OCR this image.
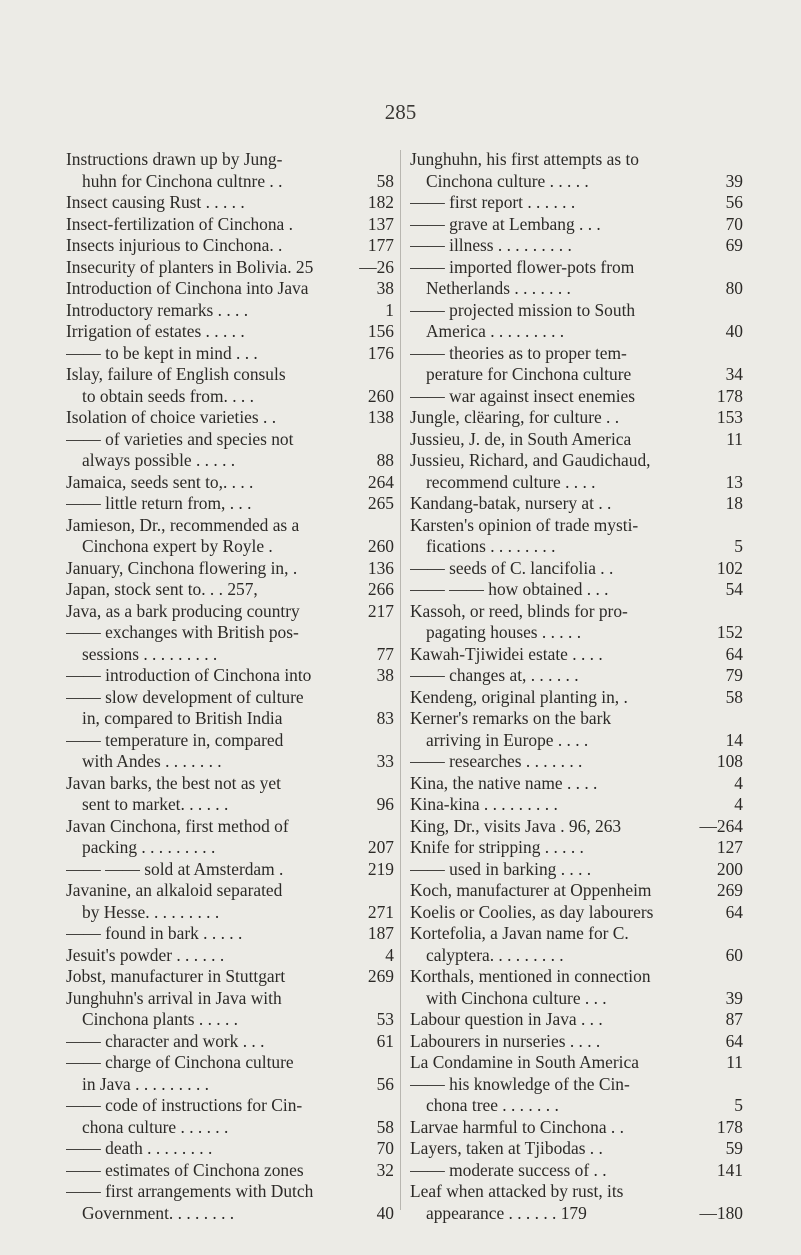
285
Instructions drawn up by Jung-
huhn for Cinchona cultnre . .	58
Insect causing Rust . . . . .	182
Insect-fertilization of Cinchona .	137
Insects injurious to Cinchona. .	177
Insecurity of planters in Bolivia. 25	—26
Introduction of Cinchona into Java	38
Introductory remarks . . . .	1
Irrigation of estates . . . . .	156
—— to be kept in mind . . .	176
Islay, failure of English consuls
to obtain seeds from. . . .	260
Isolation of choice varieties . .	138
—— of varieties and species not
always possible . . . . .	88
Jamaica, seeds sent to,. . . .	264
—— little return from, . . .	265
Jamieson, Dr., recommended as a
Cinchona expert by Royle .	260
January, Cinchona flowering in, .	136
Japan, stock sent to. . . 257,	266
Java, as a bark producing country	217
—— exchanges with British pos-
sessions . . . . . . . . .	77
—— introduction of Cinchona into	38
—— slow development of culture
in, compared to British India	83
—— temperature in, compared
with Andes . . . . . . .	33
Javan barks, the best not as yet
sent to market. . . . . .	96
Javan Cinchona, first method of
packing . . . . . . . . .	207
—— —— sold at Amsterdam .	219
Javanine, an alkaloid separated
by Hesse. . . . . . . . .	271
—— found in bark . . . . .	187
Jesuit's powder . . . . . .	4
Jobst, manufacturer in Stuttgart	269
Junghuhn's arrival in Java with
Cinchona plants . . . . .	53
—— character and work . . .	61
—— charge of Cinchona culture
in Java . . . . . . . . .	56
—— code of instructions for Cin-
chona culture . . . . . .	58
—— death . . . . . . . .	70
—— estimates of Cinchona zones	32
—— first arrangements with Dutch
Government. . . . . . . .	40
Junghuhn, his first attempts as to
Cinchona culture . . . . .	39
—— first report . . . . . .	56
—— grave at Lembang . . .	70
—— illness . . . . . . . . .	69
—— imported flower-pots from
Netherlands . . . . . . .	80
—— projected mission to South
America . . . . . . . . .	40
—— theories as to proper tem-
perature for Cinchona culture	34
—— war against insect enemies	178
Jungle, clëaring, for culture . .	153
Jussieu, J. de, in South America	11
Jussieu, Richard, and Gaudichaud,
recommend culture . . . .	13
Kandang-batak, nursery at . .	18
Karsten's opinion of trade mysti-
fications . . . . . . . .	5
—— seeds of C. lancifolia . .	102
—— —— how obtained . . .	54
Kassoh, or reed, blinds for pro-
pagating houses . . . . .	152
Kawah-Tjiwidei estate . . . .	64
—— changes at, . . . . . .	79
Kendeng, original planting in, .	58
Kerner's remarks on the bark
arriving in Europe . . . .	14
—— researches . . . . . . .	108
Kina, the native name . . . .	4
Kina-kina . . . . . . . . .	4
King, Dr., visits Java . 96, 263	—264
Knife for stripping . . . . .	127
—— used in barking . . . .	200
Koch, manufacturer at Oppenheim	269
Koelis or Coolies, as day labourers	64
Kortefolia, a Javan name for C.
calyptera. . . . . . . . .	60
Korthals, mentioned in connection
with Cinchona culture . . .	39
Labour question in Java . . .	87
Labourers in nurseries . . . .	64
La Condamine in South America	11
—— his knowledge of the Cin-
chona tree . . . . . . .	5
Larvae harmful to Cinchona . .	178
Layers, taken at Tjibodas . .	59
—— moderate success of . .	141
Leaf when attacked by rust, its
appearance . . . . . . 179	—180
